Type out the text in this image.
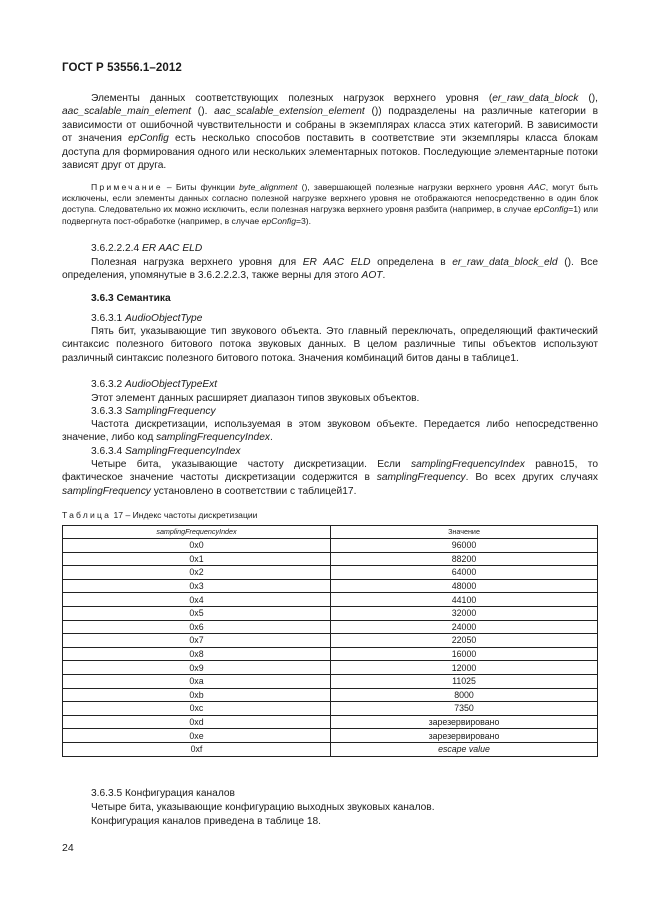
ГОСТ Р 53556.1–2012
Элементы данных соответствующих полезных нагрузок верхнего уровня (er_raw_data_block (), aac_scalable_main_element (). aac_scalable_extension_element ()) подразделены на различные категории в зависимости от ошибочной чувствительности и собраны в экземплярах класса этих категорий. В зависимости от значения epConfig есть несколько способов поставить в соответствие эти экземпляры класса блокам доступа для формирования одного или нескольких элементарных потоков. Последующие элементарные потоки зависят друг от друга.
Примечание – Биты функции byte_alignment (), завершающей полезные нагрузки верхнего уровня AAC, могут быть исключены, если элементы данных согласно полезной нагрузке верхнего уровня не отображаются непосредственно в один блок доступа. Следовательно их можно исключить, если полезная нагрузка верхнего уровня разбита (например, в случае epConfig=1) или подвергнута пост-обработке (например, в случае epConfig=3).
3.6.2.2.2.4 ER AAC ELD
Полезная нагрузка верхнего уровня для ER AAC ELD определена в er_raw_data_block_eld (). Все определения, упомянутые в 3.6.2.2.2.3, также верны для этого AOT.
3.6.3 Семантика
3.6.3.1 AudioObjectType
Пять бит, указывающие тип звукового объекта. Это главный переключать, определяющий фактический синтаксис полезного битового потока звуковых данных. В целом различные типы объектов используют различный синтаксис полезного битового потока. Значения комбинаций битов даны в таблице1.
3.6.3.2 AudioObjectTypeExt
Этот элемент данных расширяет диапазон типов звуковых объектов.
3.6.3.3 SamplingFrequency
Частота дискретизации, используемая в этом звуковом объекте. Передается либо непосредственно значение, либо код samplingFrequencyIndex.
3.6.3.4 SamplingFrequencyIndex
Четыре бита, указывающие частоту дискретизации. Если samplingFrequencyIndex равно15, то фактическое значение частоты дискретизации содержится в samplingFrequency. Во всех других случаях samplingFrequency установлено в соответствии с таблицей17.
Таблица 17 – Индекс частоты дискретизации
samplingFrequencyIndex	Значение
0x0	96000
0x1	88200
0x2	64000
0x3	48000
0x4	44100
0x5	32000
0x6	24000
0x7	22050
0x8	16000
0x9	12000
0xa	11025
0xb	8000
0xc	7350
0xd	зарезервировано
0xe	зарезервировано
0xf	escape value
3.6.3.5 Конфигурация каналов
Четыре бита, указывающие конфигурацию выходных звуковых каналов.
Конфигурация каналов приведена в таблице 18.
24
